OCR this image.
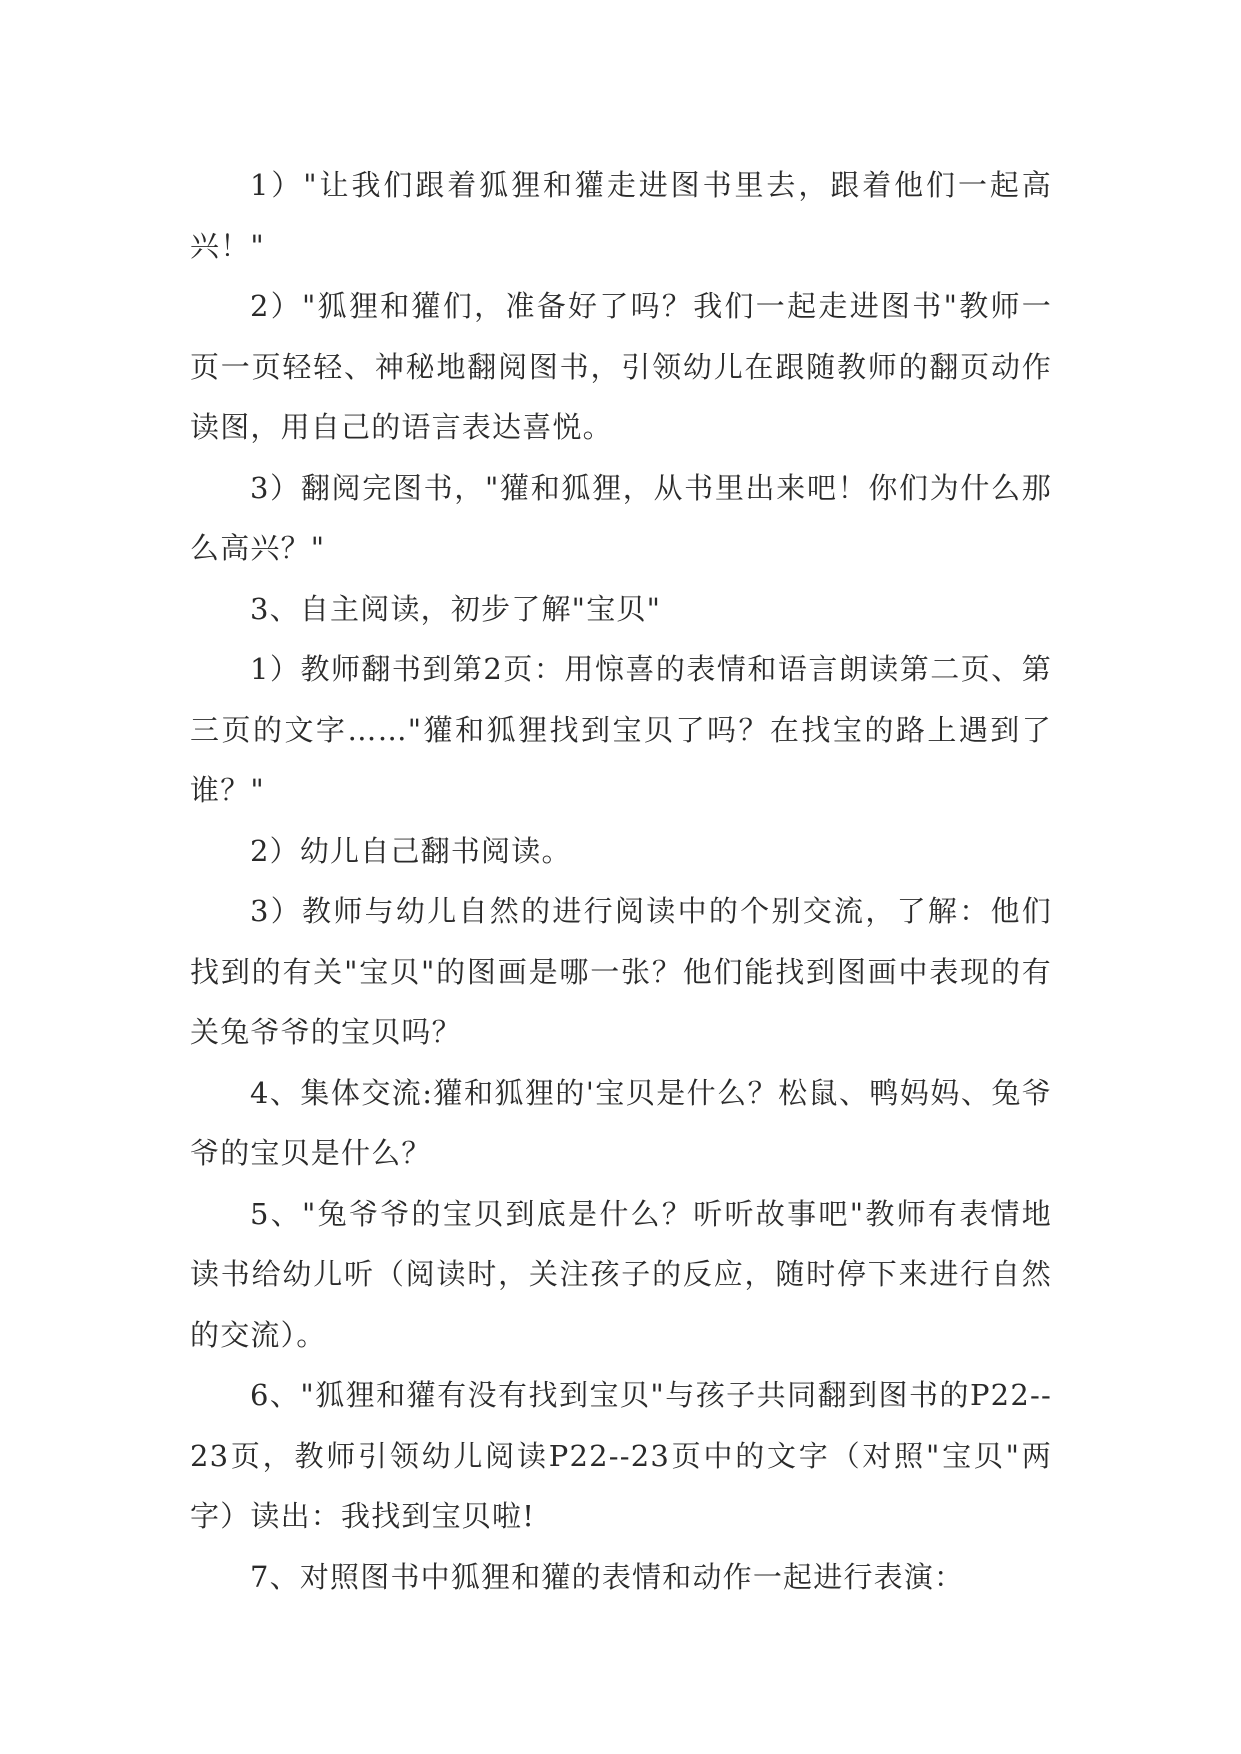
1）"让我们跟着狐狸和獾走进图书里去，跟着他们一起高兴！"

2）"狐狸和獾们，准备好了吗？我们一起走进图书"教师一页一页轻轻、神秘地翻阅图书，引领幼儿在跟随教师的翻页动作读图，用自己的语言表达喜悦。

3）翻阅完图书，"獾和狐狸，从书里出来吧！你们为什么那么高兴？"

3、自主阅读，初步了解"宝贝"

1）教师翻书到第2页：用惊喜的表情和语言朗读第二页、第三页的文字……"獾和狐狸找到宝贝了吗？在找宝的路上遇到了谁？"

2）幼儿自己翻书阅读。

3）教师与幼儿自然的进行阅读中的个别交流，了解：他们找到的有关"宝贝"的图画是哪一张？他们能找到图画中表现的有关兔爷爷的宝贝吗？

4、集体交流:獾和狐狸的'宝贝是什么？松鼠、鸭妈妈、兔爷爷的宝贝是什么？

5、"兔爷爷的宝贝到底是什么？听听故事吧"教师有表情地读书给幼儿听（阅读时，关注孩子的反应，随时停下来进行自然的交流）。

6、"狐狸和獾有没有找到宝贝"与孩子共同翻到图书的P22--23页，教师引领幼儿阅读P22--23页中的文字（对照"宝贝"两字）读出：我找到宝贝啦!

7、对照图书中狐狸和獾的表情和动作一起进行表演：
